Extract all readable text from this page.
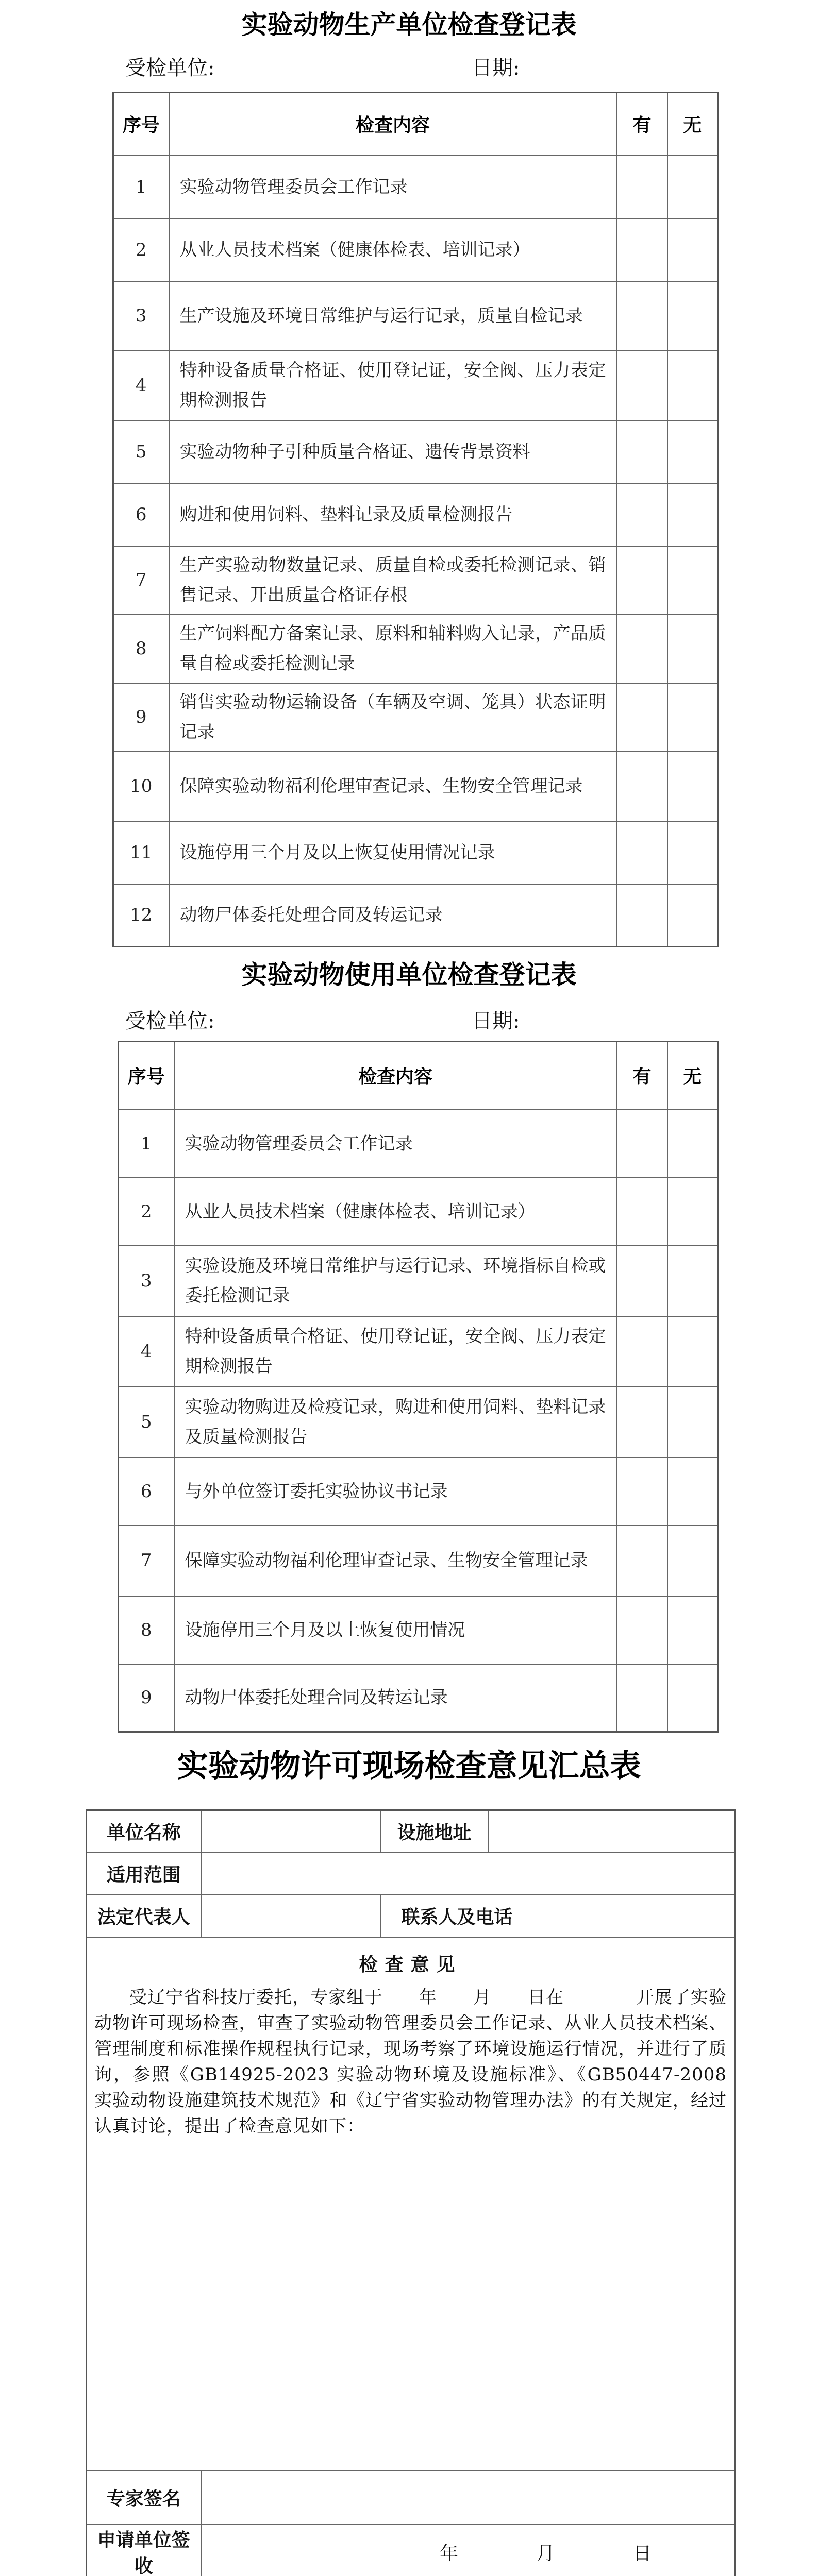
实验动物生产单位检查登记表
受检单位:	日期:
序号	检查内容	有	无
1	实验动物管理委员会工作记录		
2	从业人员技术档案（健康体检表、培训记录）		
3	生产设施及环境日常维护与运行记录，质量自检记录		
4	特种设备质量合格证、使用登记证，安全阀、压力表定期检测报告		
5	实验动物种子引种质量合格证、遗传背景资料		
6	购进和使用饲料、垫料记录及质量检测报告		
7	生产实验动物数量记录、质量自检或委托检测记录、销售记录、开出质量合格证存根		
8	生产饲料配方备案记录、原料和辅料购入记录，产品质量自检或委托检测记录		
9	销售实验动物运输设备（车辆及空调、笼具）状态证明记录		
10	保障实验动物福利伦理审查记录、生物安全管理记录		
11	设施停用三个月及以上恢复使用情况记录		
12	动物尸体委托处理合同及转运记录		
实验动物使用单位检查登记表
受检单位:	日期:
序号	检查内容	有	无
1	实验动物管理委员会工作记录		
2	从业人员技术档案（健康体检表、培训记录）		
3	实验设施及环境日常维护与运行记录、环境指标自检或委托检测记录		
4	特种设备质量合格证、使用登记证，安全阀、压力表定期检测报告		
5	实验动物购进及检疫记录，购进和使用饲料、垫料记录及质量检测报告		
6	与外单位签订委托实验协议书记录		
7	保障实验动物福利伦理审查记录、生物安全管理记录		
8	设施停用三个月及以上恢复使用情况		
9	动物尸体委托处理合同及转运记录		
实验动物许可现场检查意见汇总表
单位名称		设施地址	
适用范围			
法定代表人		联系人及电话	

检查意见
受辽宁省科技厅委托，专家组于　　年　　月　　日在　　　　开展了实验动物许可现场检查，审查了实验动物管理委员会工作记录、从业人员技术档案、管理制度和标准操作规程执行记录，现场考察了环境设施运行情况，并进行了质询，参照《GB14925-2023 实验动物环境及设施标准》、《GB50447-2008 实验动物设施建筑技术规范》和《辽宁省实验动物管理办法》的有关规定，经过认真讨论，提出了检查意见如下：			

专家签名			
申请单位签收	年 月 日		
